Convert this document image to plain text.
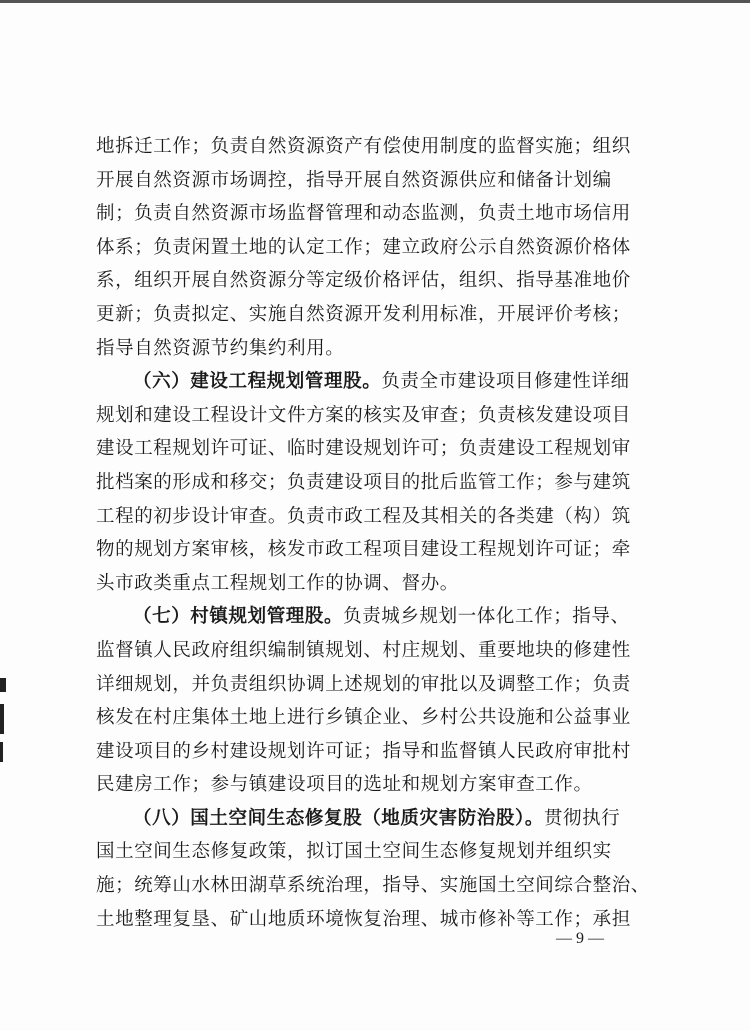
地拆迁工作；负责自然资源资产有偿使用制度的监督实施；组织
开展自然资源市场调控，指导开展自然资源供应和储备计划编
制；负责自然资源市场监督管理和动态监测，负责土地市场信用
体系；负责闲置土地的认定工作；建立政府公示自然资源价格体
系，组织开展自然资源分等定级价格评估，组织、指导基准地价
更新；负责拟定、实施自然资源开发利用标准，开展评价考核；
指导自然资源节约集约利用。
（六）建设工程规划管理股。负责全市建设项目修建性详细
规划和建设工程设计文件方案的核实及审查；负责核发建设项目
建设工程规划许可证、临时建设规划许可；负责建设工程规划审
批档案的形成和移交；负责建设项目的批后监管工作；参与建筑
工程的初步设计审查。负责市政工程及其相关的各类建（构）筑
物的规划方案审核，核发市政工程项目建设工程规划许可证；牵
头市政类重点工程规划工作的协调、督办。
（七）村镇规划管理股。负责城乡规划一体化工作；指导、
监督镇人民政府组织编制镇规划、村庄规划、重要地块的修建性
详细规划，并负责组织协调上述规划的审批以及调整工作；负责
核发在村庄集体土地上进行乡镇企业、乡村公共设施和公益事业
建设项目的乡村建设规划许可证；指导和监督镇人民政府审批村
民建房工作；参与镇建设项目的选址和规划方案审查工作。
（八）国土空间生态修复股（地质灾害防治股）。贯彻执行
国土空间生态修复政策，拟订国土空间生态修复规划并组织实
施；统筹山水林田湖草系统治理，指导、实施国土空间综合整治、
土地整理复垦、矿山地质环境恢复治理、城市修补等工作；承担
— 9 —
